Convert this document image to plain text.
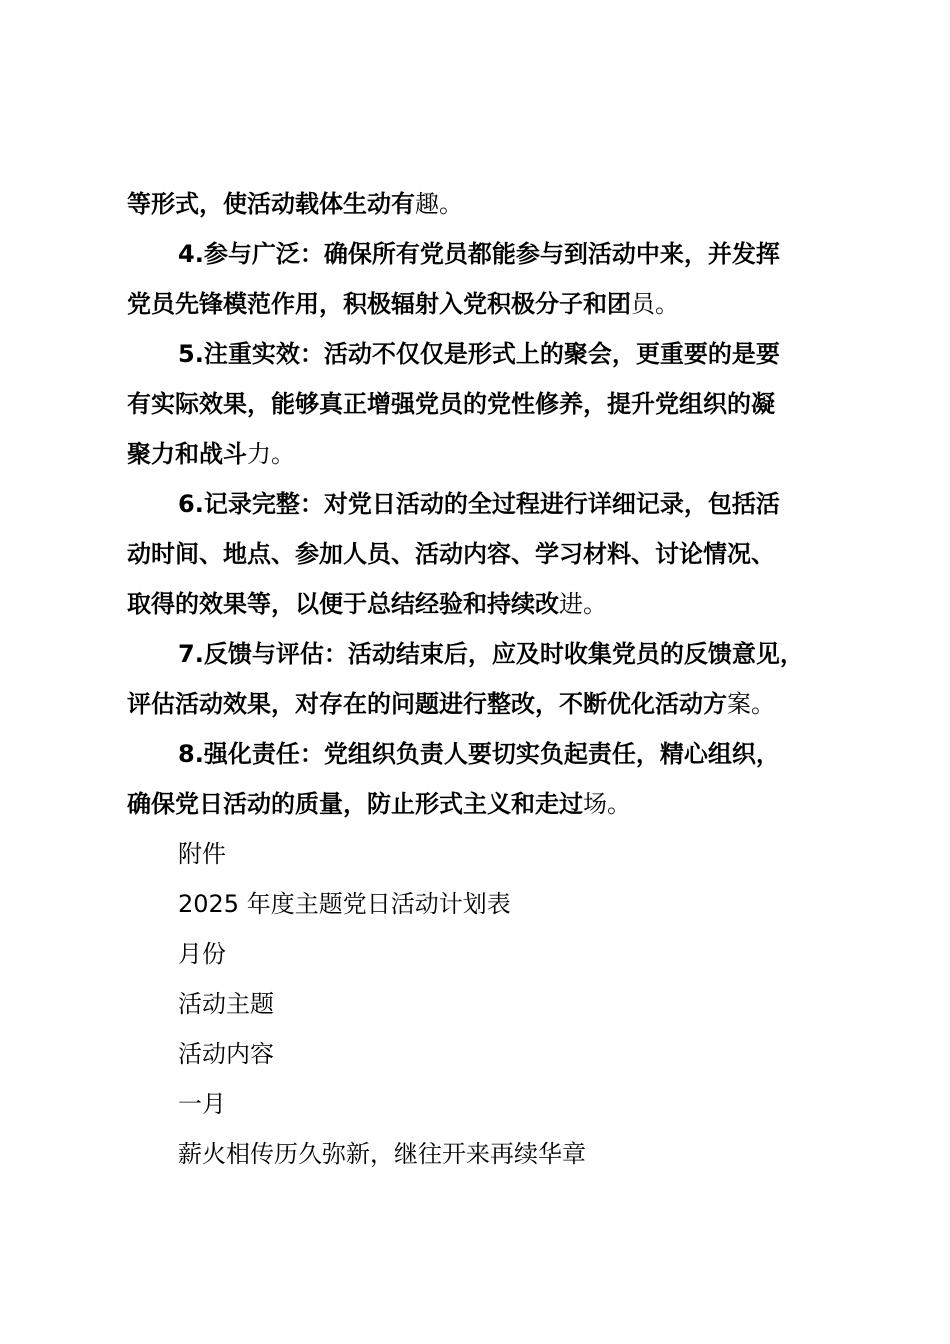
等形式，使活动载体生动有趣。
4.参与广泛：确保所有党员都能参与到活动中来，并发挥
党员先锋模范作用，积极辐射入党积极分子和团员。
5.注重实效：活动不仅仅是形式上的聚会，更重要的是要
有实际效果，能够真正增强党员的党性修养，提升党组织的凝
聚力和战斗力。
6.记录完整：对党日活动的全过程进行详细记录，包括活
动时间、地点、参加人员、活动内容、学习材料、讨论情况、
取得的效果等，以便于总结经验和持续改进。
7.反馈与评估：活动结束后，应及时收集党员的反馈意见，
评估活动效果，对存在的问题进行整改，不断优化活动方案。
8.强化责任：党组织负责人要切实负起责任，精心组织，
确保党日活动的质量，防止形式主义和走过场。
附件
2025 年度主题党日活动计划表
月份
活动主题
活动内容
一月
薪火相传历久弥新，继往开来再续华章
